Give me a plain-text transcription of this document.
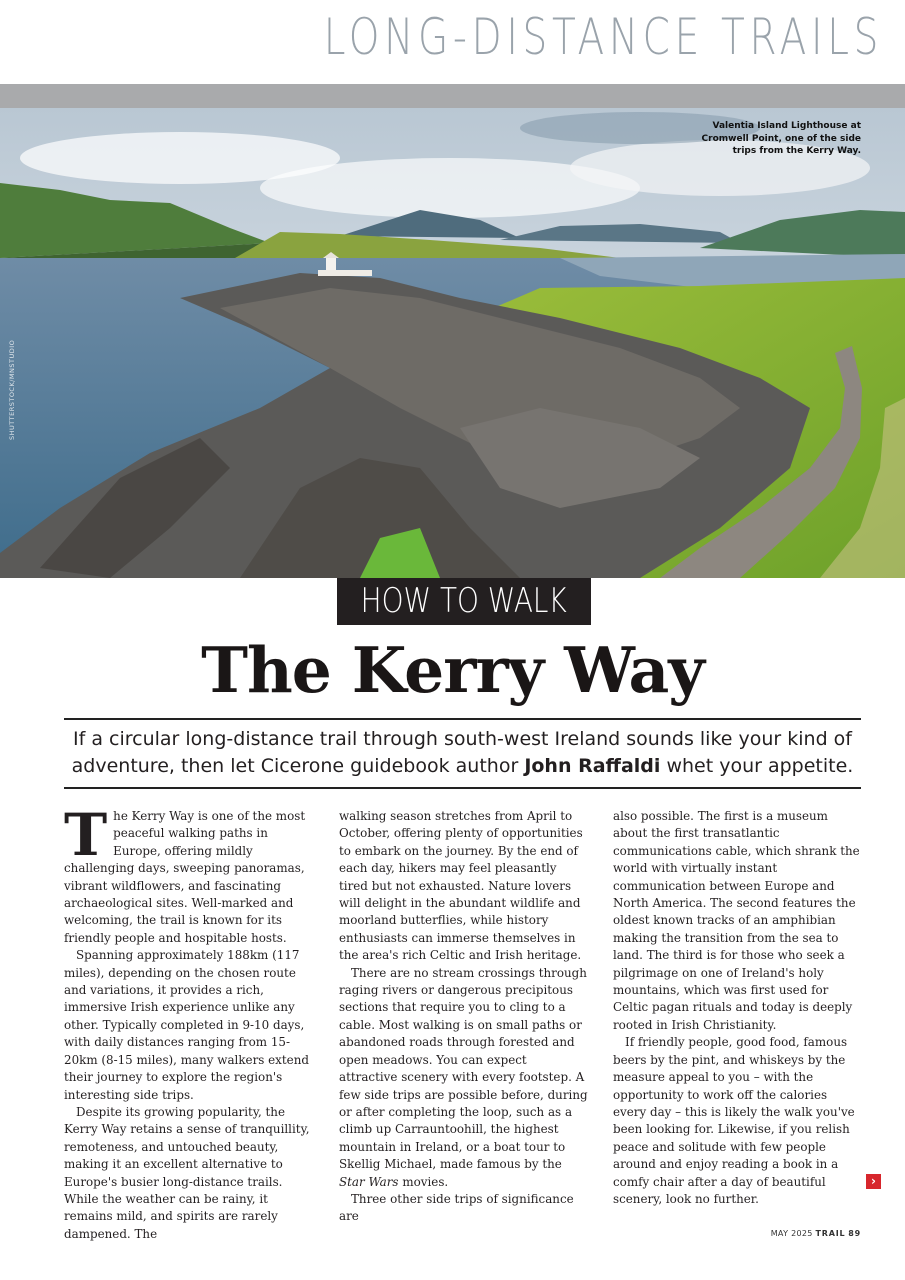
LONG-DISTANCE TRAILS
Valentia Island Lighthouse at Cromwell Point, one of the side trips from the Kerry Way.
SHUTTERSTOCK/MNSTUDIO
HOW TO WALK
The Kerry Way
If a circular long-distance trail through south-west Ireland sounds like your kind of adventure, then let Cicerone guidebook author John Raffaldi whet your appetite.

The Kerry Way is one of the most peaceful walking paths in Europe, offering mildly challenging days, sweeping panoramas, vibrant wildflowers, and fascinating archaeological sites. Well-marked and welcoming, the trail is known for its friendly people and hospitable hosts.

Spanning approximately 188km (117 miles), depending on the chosen route and variations, it provides a rich, immersive Irish experience unlike any other. Typically completed in 9-10 days, with daily distances ranging from 15-20km (8-15 miles), many walkers extend their journey to explore the region's interesting side trips.

Despite its growing popularity, the Kerry Way retains a sense of tranquillity, remoteness, and untouched beauty, making it an excellent alternative to Europe's busier long-distance trails. While the weather can be rainy, it remains mild, and spirits are rarely dampened. The

walking season stretches from April to October, offering plenty of opportunities to embark on the journey. By the end of each day, hikers may feel pleasantly tired but not exhausted. Nature lovers will delight in the abundant wildlife and moorland butterflies, while history enthusiasts can immerse themselves in the area's rich Celtic and Irish heritage.

There are no stream crossings through raging rivers or dangerous precipitous sections that require you to cling to a cable. Most walking is on small paths or abandoned roads through forested and open meadows. You can expect attractive scenery with every footstep. A few side trips are possible before, during or after completing the loop, such as a climb up Carrauntoohill, the highest mountain in Ireland, or a boat tour to Skellig Michael, made famous by the Star Wars movies.

Three other side trips of significance are

also possible. The first is a museum about the first transatlantic communications cable, which shrank the world with virtually instant communication between Europe and North America. The second features the oldest known tracks of an amphibian making the transition from the sea to land. The third is for those who seek a pilgrimage on one of Ireland's holy mountains, which was first used for Celtic pagan rituals and today is deeply rooted in Irish Christianity.

If friendly people, good food, famous beers by the pint, and whiskeys by the measure appeal to you – with the opportunity to work off the calories every day – this is likely the walk you've been looking for. Likewise, if you relish peace and solitude with few people around and enjoy reading a book in a comfy chair after a day of beautiful scenery, look no further.

›
MAY 2025 TRAIL 89
